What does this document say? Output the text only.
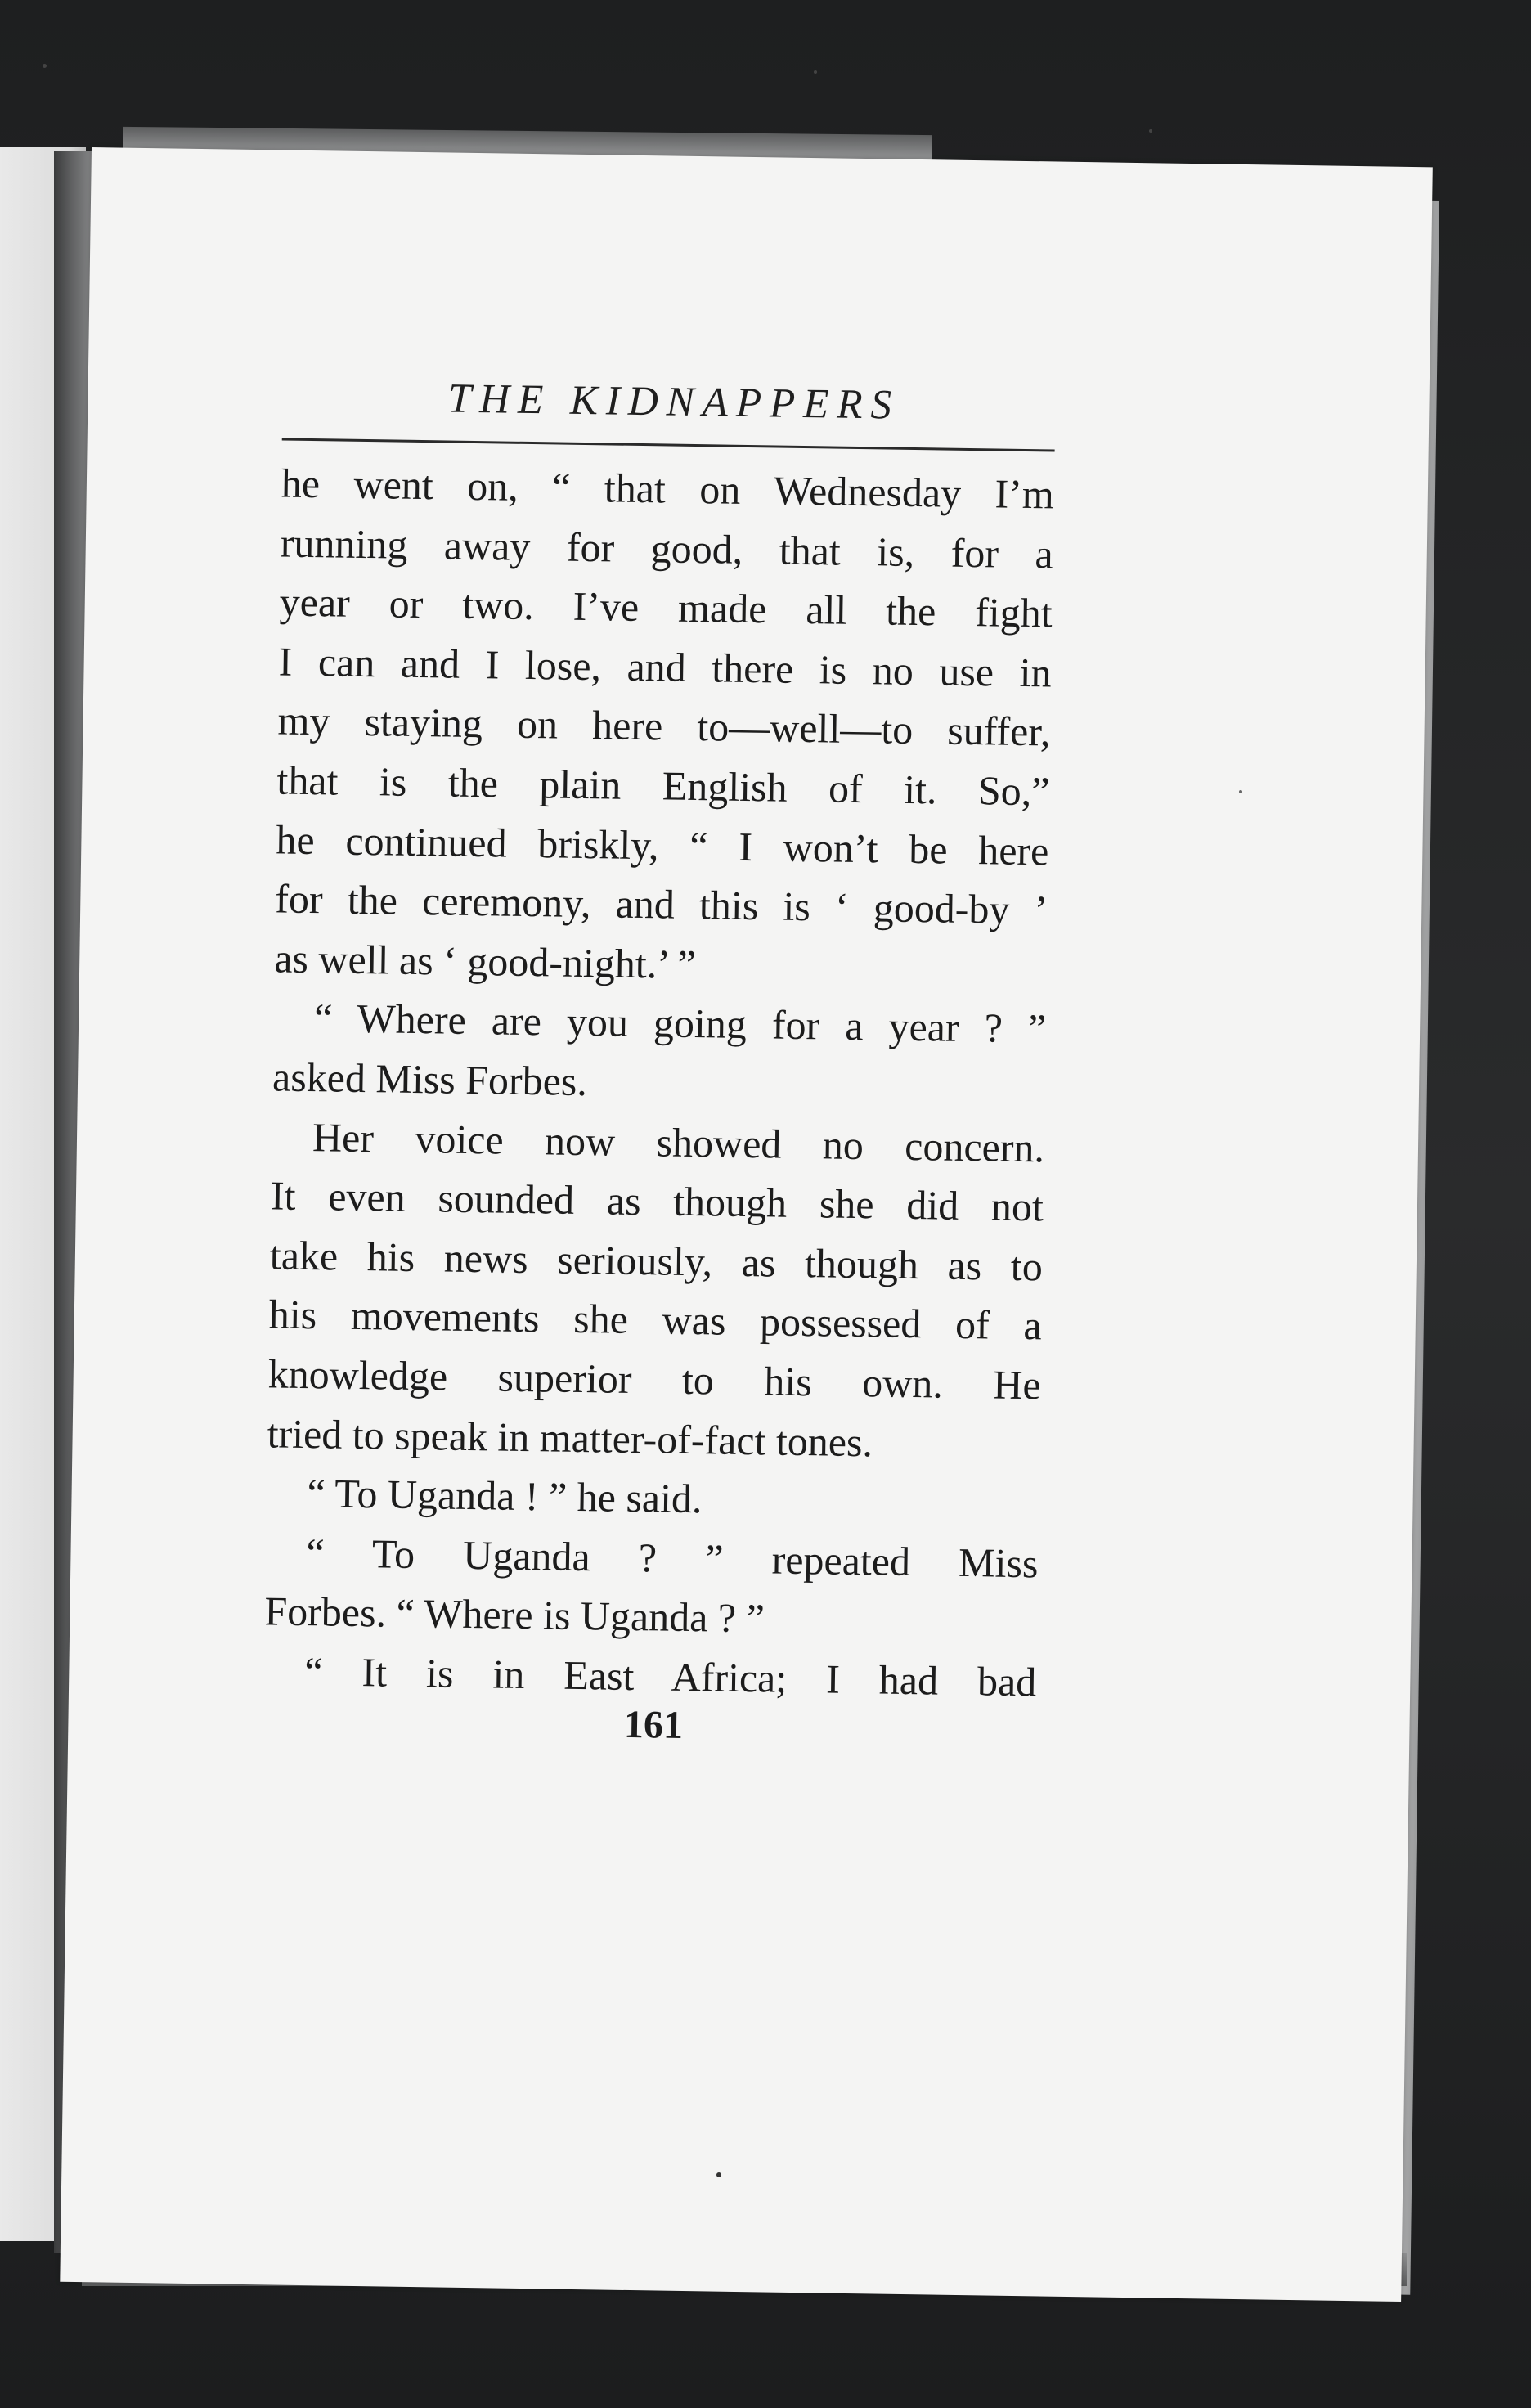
THE KIDNAPPERS
he went on, “ that on Wednesday I’m
running away for good, that is, for a
year or two. I’ve made all the fight
I can and I lose, and there is no use in
my staying on here to—well—to suffer,
that is the plain English of it. So,”
he continued briskly, “ I won’t be here
for the ceremony, and this is ‘ good-by ’
as well as ‘ good-night.’ ”
“ Where are you going for a year ? ”
asked Miss Forbes.
Her voice now showed no concern.
It even sounded as though she did not
take his news seriously, as though as to
his movements she was possessed of a
knowledge superior to his own. He
tried to speak in matter-of-fact tones.
“ To Uganda ! ” he said.
“ To Uganda ? ” repeated Miss
Forbes. “ Where is Uganda ? ”
“ It is in East Africa; I had bad
161
